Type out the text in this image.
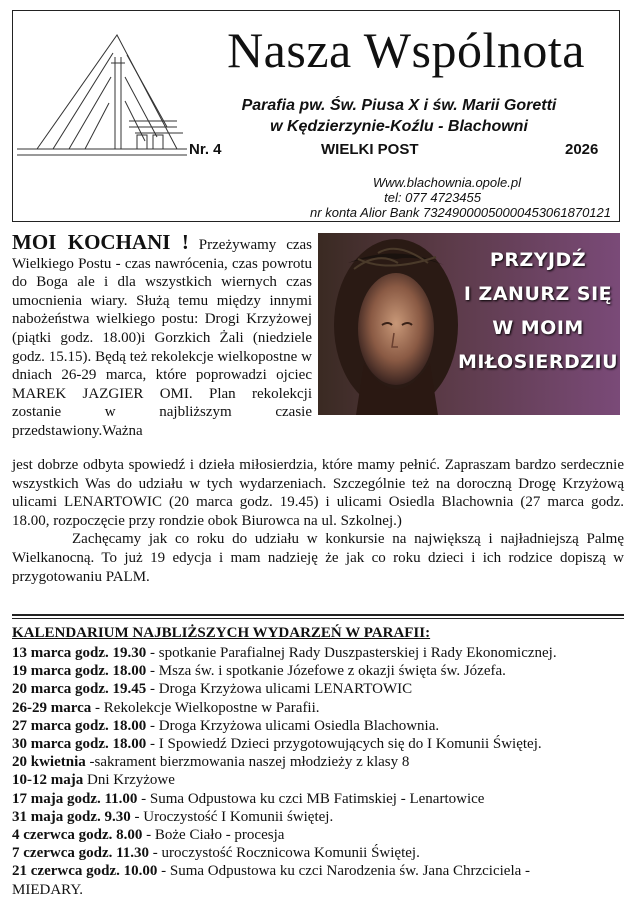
Nasza Wspólnota
Parafia pw. Św. Piusa X i św. Marii Goretti
w Kędzierzynie-Koźlu - Blachowni
Nr. 4	WIELKI POST	2026
Www.blachownia.opole.pl
tel: 077 4723455
nr konta Alior Bank 73249000050000453061870121
PRZYJDŹ
I ZANURZ SIĘ
W MOIM
MIŁOSIERDZIU
MOI KOCHANI ! Przeżywamy czas Wielkiego Postu - czas nawrócenia, czas powrotu do Boga ale i dla wszystkich wiernych czas umocnienia wiary. Służą temu między innymi nabożeństwa wielkiego postu: Drogi Krzyżowej (piątki godz. 18.00)i Gorzkich Żali (niedziele godz. 15.15). Będą też rekolekcje wielkopostne w dniach 26-29 marca, które poprowadzi ojciec MAREK JAZGIER OMI. Plan rekolekcji zostanie w najbliższym czasie przedstawiony.Ważna
jest dobrze odbyta spowiedź i dzieła miłosierdzia, które mamy pełnić. Zapraszam bardzo serdecznie wszystkich Was do udziału w tych wydarzeniach. Szczególnie też na doroczną Drogę Krzyżową ulicami LENARTOWIC (20 marca godz. 19.45) i ulicami Osiedla Blachownia (27 marca godz. 18.00, rozpoczęcie przy rondzie obok Biurowca na ul. Szkolnej.)
Zachęcamy jak co roku do udziału w konkursie na największą i najładniejszą Palmę Wielkanocną. To już 19 edycja i mam nadzieję że jak co roku dzieci i ich rodzice dopiszą w przygotowaniu PALM.
KALENDARIUM NAJBLIŻSZYCH WYDARZEŃ W PARAFII:
13 marca godz. 19.30 - spotkanie Parafialnej Rady Duszpasterskiej i Rady Ekonomicznej.
19 marca godz. 18.00 - Msza św. i spotkanie Józefowe z okazji święta św. Józefa.
20 marca godz. 19.45 - Droga Krzyżowa ulicami LENARTOWIC
26-29 marca - Rekolekcje Wielkopostne w Parafii.
27 marca godz. 18.00 - Droga Krzyżowa ulicami Osiedla Blachownia.
30 marca godz. 18.00 - I Spowiedź Dzieci przygotowujących się do I Komunii Świętej.
20 kwietnia -sakrament bierzmowania naszej młodzieży z klasy 8
10-12 maja Dni Krzyżowe
17 maja godz. 11.00 - Suma Odpustowa ku czci MB Fatimskiej - Lenartowice
31 maja godz. 9.30 - Uroczystość I Komunii świętej.
4 czerwca godz. 8.00 - Boże Ciało - procesja
7 czerwca godz. 11.30 - uroczystość Rocznicowa Komunii Świętej.
21 czerwca godz. 10.00 - Suma Odpustowa ku czci Narodzenia św. Jana Chrzciciela -
MIEDARY.
